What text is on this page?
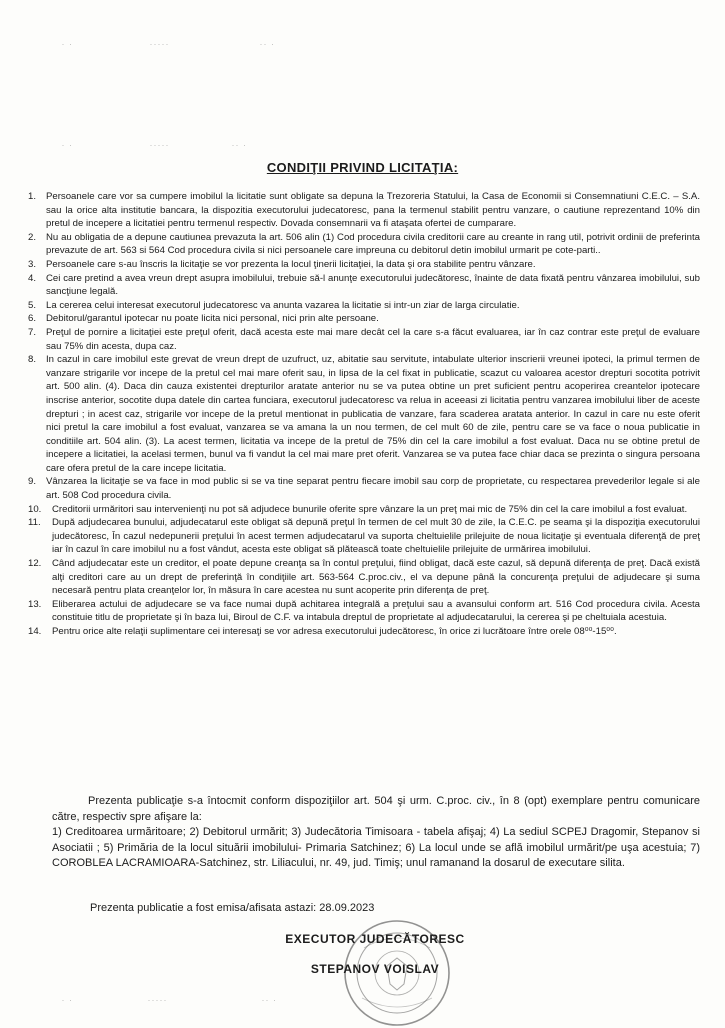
· ·	·····	·· ·
· ·	·····	·· ·
· ·	·····	·· ·
CONDIŢII PRIVIND LICITAŢIA:
1. Persoanele care vor sa cumpere imobilul la licitatie sunt obligate sa depuna la Trezoreria Statului, la Casa de Economii si Consemnatiuni C.E.C. – S.A. sau la orice alta institutie bancara, la dispozitia executorului judecatoresc, pana la termenul stabilit pentru vanzare, o cautiune reprezentand 10% din pretul de incepere a licitatiei pentru termenul respectiv. Dovada consemnarii va fi ataşata ofertei de cumparare.
2. Nu au obligatia de a depune cautiunea prevazuta la art. 506 alin (1) Cod procedura civila creditorii care au creante in rang util, potrivit ordinii de preferinta prevazute de art. 563 si 564 Cod procedura civila si nici persoanele care impreuna cu debitorul detin imobilul urmarit pe cote-parti..
3. Persoanele care s-au înscris la licitaţie se vor prezenta la locul ţinerii licitaţiei, la data şi ora stabilite pentru vânzare.
4. Cei care pretind a avea vreun drept asupra imobilului, trebuie să-l anunţe executorului judecătoresc, înainte de data fixată pentru vânzarea imobilului, sub sancţiune legală.
5. La cererea celui interesat executorul judecatoresc va anunta vazarea la licitatie si intr-un ziar de larga circulatie.
6. Debitorul/garantul ipotecar nu poate licita nici personal, nici prin alte persoane.
7. Preţul de pornire a licitaţiei este preţul oferit, dacă acesta este mai mare decât cel la care s-a făcut evaluarea, iar în caz contrar este preţul de evaluare sau 75% din acesta, dupa caz.
8. In cazul in care imobilul este grevat de vreun drept de uzufruct, uz, abitatie sau servitute, intabulate ulterior inscrierii vreunei ipoteci, la primul termen de vanzare strigarile vor incepe de la pretul cel mai mare oferit sau, in lipsa de la cel fixat in publicatie, scazut cu valoarea acestor drepturi socotita potrivit art. 500 alin. (4). Daca din cauza existentei drepturilor aratate anterior nu se va putea obtine un pret suficient pentru acoperirea creantelor ipotecare inscrise anterior, socotite dupa datele din cartea funciara, executorul judecatoresc va relua in aceeasi zi licitatia pentru vanzarea imobilului liber de aceste drepturi ; in acest caz, strigarile vor incepe de la pretul mentionat in publicatia de vanzare, fara scaderea aratata anterior. In cazul in care nu este oferit nici pretul la care imobilul a fost evaluat, vanzarea se va amana la un nou termen, de cel mult 60 de zile, pentru care se va face o noua publicatie in conditiile art. 504 alin. (3). La acest termen, licitatia va incepe de la pretul de 75% din cel la care imobilul a fost evaluat. Daca nu se obtine pretul de incepere a licitatiei, la acelasi termen, bunul va fi vandut la cel mai mare pret oferit. Vanzarea se va putea face chiar daca se prezinta o singura persoana care ofera pretul de la care incepe licitatia.
9. Vânzarea la licitaţie se va face in mod public si se va tine separat pentru fiecare imobil sau corp de proprietate, cu respectarea prevederilor legale si ale art. 508 Cod procedura civila.
10. Creditorii urmăritori sau intervenienţi nu pot să adjudece bunurile oferite spre vânzare la un preţ mai mic de 75% din cel la care imobilul a fost evaluat.
11. După adjudecarea bunului, adjudecatarul este obligat să depună preţul în termen de cel mult 30 de zile, la C.E.C. pe seama şi la dispoziţia executorului judecătoresc, În cazul nedepunerii preţului în acest termen adjudecatarul va suporta cheltuielile prilejuite de noua licitaţie şi eventuala diferenţă de preţ iar în cazul în care imobilul nu a fost vândut, acesta este obligat să plătească toate cheltuielile prilejuite de urmărirea imobilului.
12. Când adjudecatar este un creditor, el poate depune creanţa sa în contul preţului, fiind obligat, dacă este cazul, să depună diferenţa de preţ. Dacă există alţi creditori care au un drept de preferinţă în condiţiile art. 563-564 C.proc.civ., el va depune până la concurenţa preţului de adjudecare şi suma necesară pentru plata creanţelor lor, în măsura în care acestea nu sunt acoperite prin diferenţa de preţ.
13. Eliberarea actului de adjudecare se va face numai după achitarea integrală a preţului sau a avansului conform art. 516 Cod procedura civila. Acesta constituie titlu de proprietate şi în baza lui, Biroul de C.F. va intabula dreptul de proprietate al adjudecatarului, la cererea şi pe cheltuiala acestuia.
14. Pentru orice alte relaţii suplimentare cei interesaţi se vor adresa executorului judecătoresc, în orice zi lucrătoare între orele 08⁰⁰-15⁰⁰.

Prezenta publicaţie s-a întocmit conform dispoziţiilor art. 504 şi urm. C.proc. civ., în 8 (opt) exemplare pentru comunicare către, respectiv spre afişare la:

1) Creditoarea urmăritoare; 2) Debitorul urmărit; 3) Judecătoria Timisoara - tabela afişaj; 4) La sediul SCPEJ Dragomir, Stepanov si Asociatii ; 5) Primăria de la locul situării imobilului- Primaria Satchinez; 6) La locul unde se află imobilul urmărit/pe uşa acestuia; 7) COROBLEA LACRAMIOARA-Satchinez, str. Liliacului, nr. 49, jud. Timiş; unul ramanand la dosarul de executare silita.

Prezenta publicatie a fost emisa/afisata astazi: 28.09.2023
EXECUTOR JUDECĂTORESC
STEPANOV VOISLAV
